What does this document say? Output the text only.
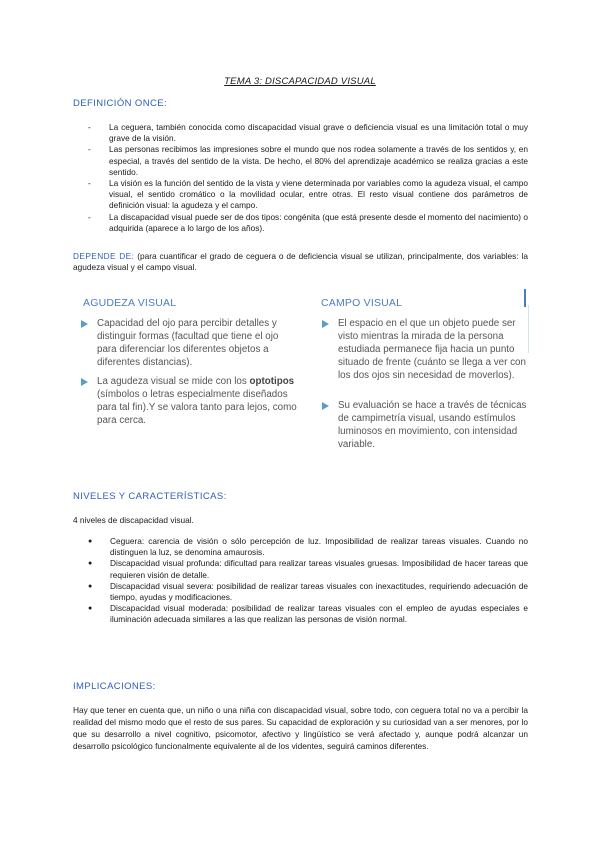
TEMA 3: DISCAPACIDAD VISUAL
DEFINICIÓN ONCE:
- La ceguera, también conocida como discapacidad visual grave o deficiencia visual es una limitación total o muy grave de la visión.
- Las personas recibimos las impresiones sobre el mundo que nos rodea solamente a través de los sentidos y, en especial, a través del sentido de la vista. De hecho, el 80% del aprendizaje académico se realiza gracias a este sentido.
- La visión es la función del sentido de la vista y viene determinada por variables como la agudeza visual, el campo visual, el sentido cromático o la movilidad ocular, entre otras. El resto visual contiene dos parámetros de definición visual: la agudeza y el campo.
- La discapacidad visual puede ser de dos tipos: congénita (que está presente desde el momento del nacimiento) o adquirida (aparece a lo largo de los años).
DEPENDE DE: (para cuantificar el grado de ceguera o de deficiencia visual se utilizan, principalmente, dos variables: la agudeza visual y el campo visual.
AGUDEZA VISUAL
Capacidad del ojo para percibir detalles y distinguir formas (facultad que tiene el ojo para diferenciar los diferentes objetos a diferentes distancias).
La agudeza visual se mide con los optotipos (símbolos o letras especialmente diseñados para tal fin).Y se valora tanto para lejos, como para cerca.
CAMPO VISUAL
El espacio en el que un objeto puede ser visto mientras la mirada de la persona estudiada permanece fija hacia un punto situado de frente (cuánto se llega a ver con los dos ojos sin necesidad de moverlos).
Su evaluación se hace a través de técnicas de campimetría visual, usando estímulos luminosos en movimiento, con intensidad variable.
NIVELES Y CARACTERÍSTICAS:
4 niveles de discapacidad visual.
● Ceguera: carencia de visión o sólo percepción de luz. Imposibilidad de realizar tareas visuales. Cuando no distinguen la luz, se denomina amaurosis.
● Discapacidad visual profunda: dificultad para realizar tareas visuales gruesas. Imposibilidad de hacer tareas que requieren visión de detalle.
● Discapacidad visual severa: posibilidad de realizar tareas visuales con inexactitudes, requiriendo adecuación de tiempo, ayudas y modificaciones.
● Discapacidad visual moderada: posibilidad de realizar tareas visuales con el empleo de ayudas especiales e iluminación adecuada similares a las que realizan las personas de visión normal.
IMPLICACIONES:
Hay que tener en cuenta que, un niño o una niña con discapacidad visual, sobre todo, con ceguera total no va a percibir la realidad del mismo modo que el resto de sus pares. Su capacidad de exploración y su curiosidad van a ser menores, por lo que su desarrollo a nivel cognitivo, psicomotor, afectivo y lingüístico se verá afectado y, aunque podrá alcanzar un desarrollo psicológico funcionalmente equivalente al de los videntes, seguirá caminos diferentes.
